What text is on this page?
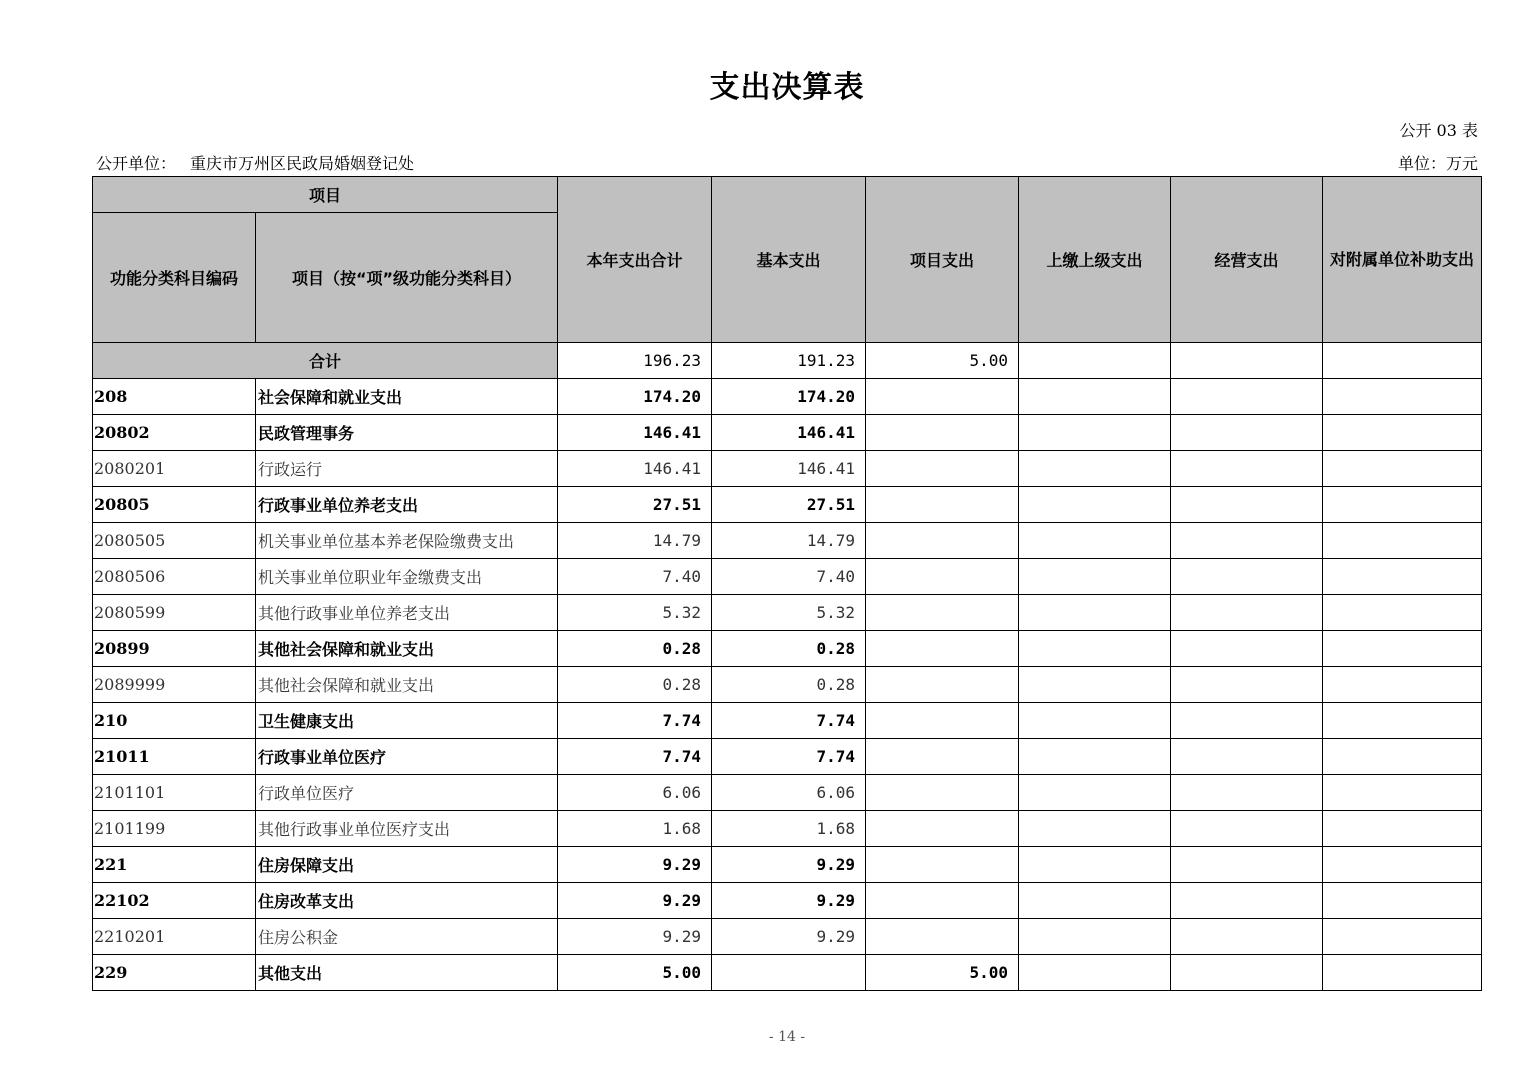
支出决算表
公开 03 表
公开单位： 重庆市万州区民政局婚姻登记处	单位：万元
项目		本年支出合计	基本支出	项目支出	上缴上级支出	经营支出	对附属单位补助支出
功能分类科目编码	项目（按“项”级功能分类科目）						
合计		196.23	191.23	5.00			
208	社会保障和就业支出	174.20	174.20				
20802	民政管理事务	146.41	146.41				
2080201	行政运行	146.41	146.41				
20805	行政事业单位养老支出	27.51	27.51				
2080505	机关事业单位基本养老保险缴费支出	14.79	14.79				
2080506	机关事业单位职业年金缴费支出	7.40	7.40				
2080599	其他行政事业单位养老支出	5.32	5.32				
20899	其他社会保障和就业支出	0.28	0.28				
2089999	其他社会保障和就业支出	0.28	0.28				
210	卫生健康支出	7.74	7.74				
21011	行政事业单位医疗	7.74	7.74				
2101101	行政单位医疗	6.06	6.06				
2101199	其他行政事业单位医疗支出	1.68	1.68				
221	住房保障支出	9.29	9.29				
22102	住房改革支出	9.29	9.29				
2210201	住房公积金	9.29	9.29				
229	其他支出	5.00		5.00			
- 14 -
